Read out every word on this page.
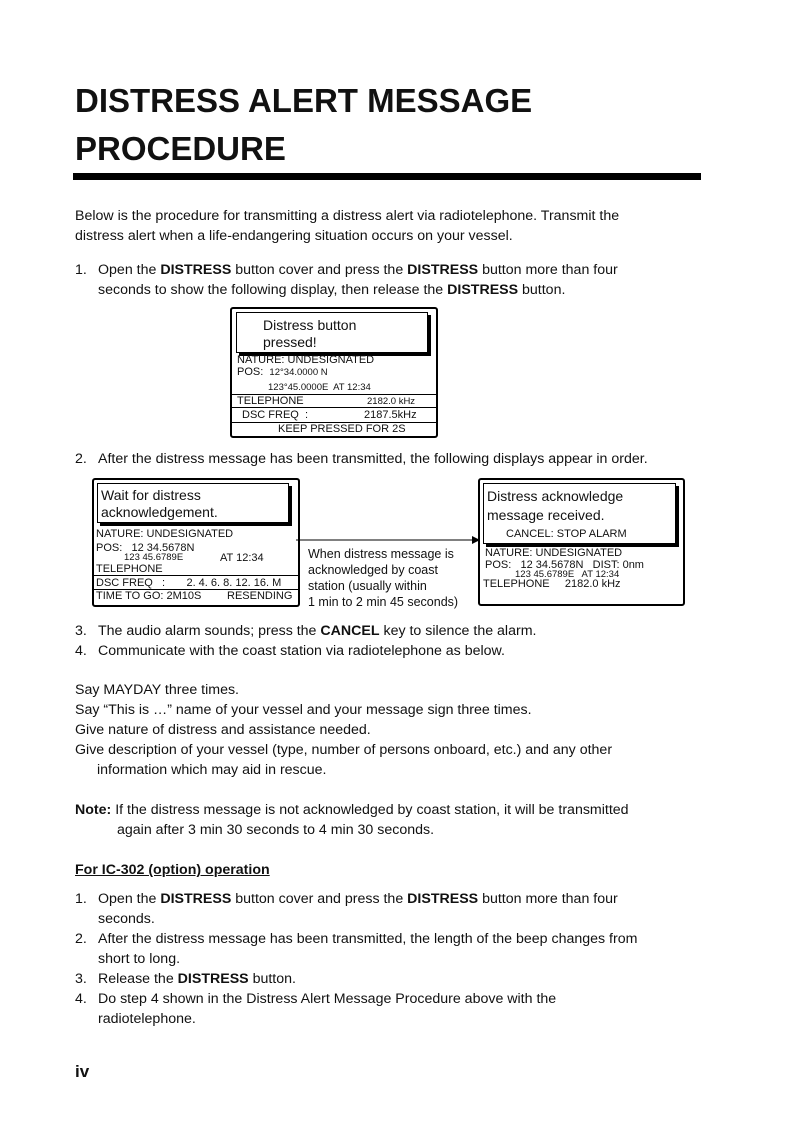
DISTRESS ALERT MESSAGE
PROCEDURE
Below is the procedure for transmitting a distress alert via radiotelephone. Transmit the
distress alert when a life-endangering situation occurs on your vessel.
1. Open the DISTRESS button cover and press the DISTRESS button more than four
seconds to show the following display, then release the DISTRESS button.
Distress button
pressed!
NATURE: UNDESIGNATED
POS: 12°34.0000 N
123°45.0000E AT 12:34
TELEPHONE	2182.0 kHz
DSC FREQ  :	2187.5kHz
KEEP PRESSED FOR 2S
2. After the distress message has been transmitted, the following displays appear in order.
Wait for distress
acknowledgement.
NATURE: UNDESIGNATED
POS:   12 34.5678N
123 45.6789E	AT 12:34
TELEPHONE
DSC FREQ   :       2. 4. 6. 8. 12. 16. M
TIME TO GO: 2M10S RESENDING
When distress message is
acknowledged by coast
station (usually within
1 min to 2 min 45 seconds)
Distress acknowledge
message received.
CANCEL: STOP ALARM
NATURE: UNDESIGNATED
POS:   12 34.5678N   DIST: 0nm
123 45.6789E   AT 12:34
TELEPHONE     2182.0 kHz
3. The audio alarm sounds; press the CANCEL key to silence the alarm.
4. Communicate with the coast station via radiotelephone as below.
Say MAYDAY three times.
Say “This is …” name of your vessel and your message sign three times.
Give nature of distress and assistance needed.
Give description of your vessel (type, number of persons onboard, etc.) and any other
information which may aid in rescue.
Note: If the distress message is not acknowledged by coast station, it will be transmitted
again after 3 min 30 seconds to 4 min 30 seconds.
For IC-302 (option) operation
1. Open the DISTRESS button cover and press the DISTRESS button more than four
seconds.
2. After the distress message has been transmitted, the length of the beep changes from
short to long.
3. Release the DISTRESS button.
4. Do step 4 shown in the Distress Alert Message Procedure above with the
radiotelephone.
iv
